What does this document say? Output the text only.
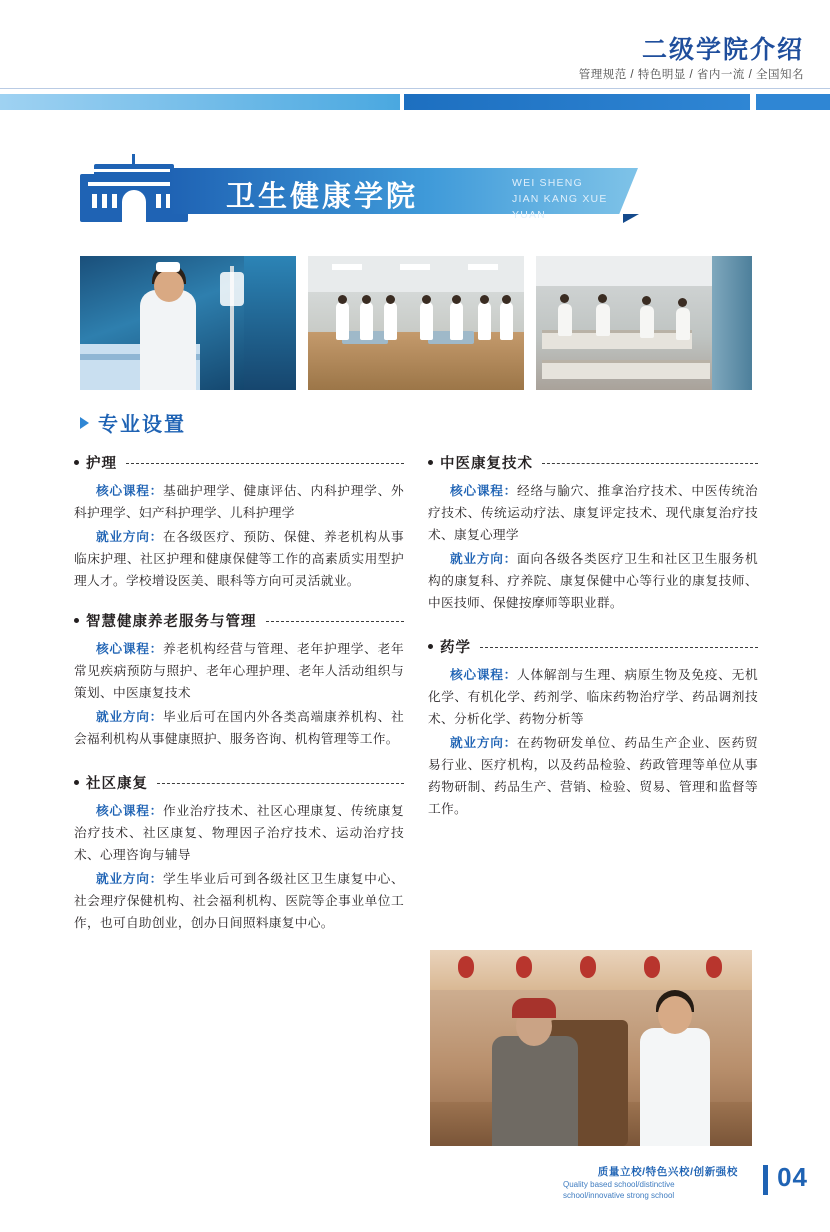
二级学院介绍
管理规范 / 特色明显 / 省内一流 / 全国知名
卫生健康学院	WEI SHENG
JIAN KANG XUE YUAN
专业设置
护理

核心课程：基础护理学、健康评估、内科护理学、外科护理学、妇产科护理学、儿科护理学

就业方向：在各级医疗、预防、保健、养老机构从事临床护理、社区护理和健康保健等工作的高素质实用型护理人才。学校增设医美、眼科等方向可灵活就业。

智慧健康养老服务与管理

核心课程：养老机构经营与管理、老年护理学、老年常见疾病预防与照护、老年心理护理、老年人活动组织与策划、中医康复技术

就业方向：毕业后可在国内外各类高端康养机构、社会福利机构从事健康照护、服务咨询、机构管理等工作。

社区康复

核心课程：作业治疗技术、社区心理康复、传统康复治疗技术、社区康复、物理因子治疗技术、运动治疗技术、心理咨询与辅导

就业方向：学生毕业后可到各级社区卫生康复中心、社会理疗保健机构、社会福利机构、医院等企事业单位工作，也可自助创业，创办日间照料康复中心。

中医康复技术

核心课程：经络与腧穴、推拿治疗技术、中医传统治疗技术、传统运动疗法、康复评定技术、现代康复治疗技术、康复心理学

就业方向：面向各级各类医疗卫生和社区卫生服务机构的康复科、疗养院、康复保健中心等行业的康复技师、中医技师、保健按摩师等职业群。

药学

核心课程：人体解剖与生理、病原生物及免疫、无机化学、有机化学、药剂学、临床药物治疗学、药品调剂技术、分析化学、药物分析等

就业方向：在药物研发单位、药品生产企业、医药贸易行业、医疗机构，以及药品检验、药政管理等单位从事药物研制、药品生产、营销、检验、贸易、管理和监督等工作。

质量立校/特色兴校/创新强校
Quality based school/distinctive school/innovative strong school
04
